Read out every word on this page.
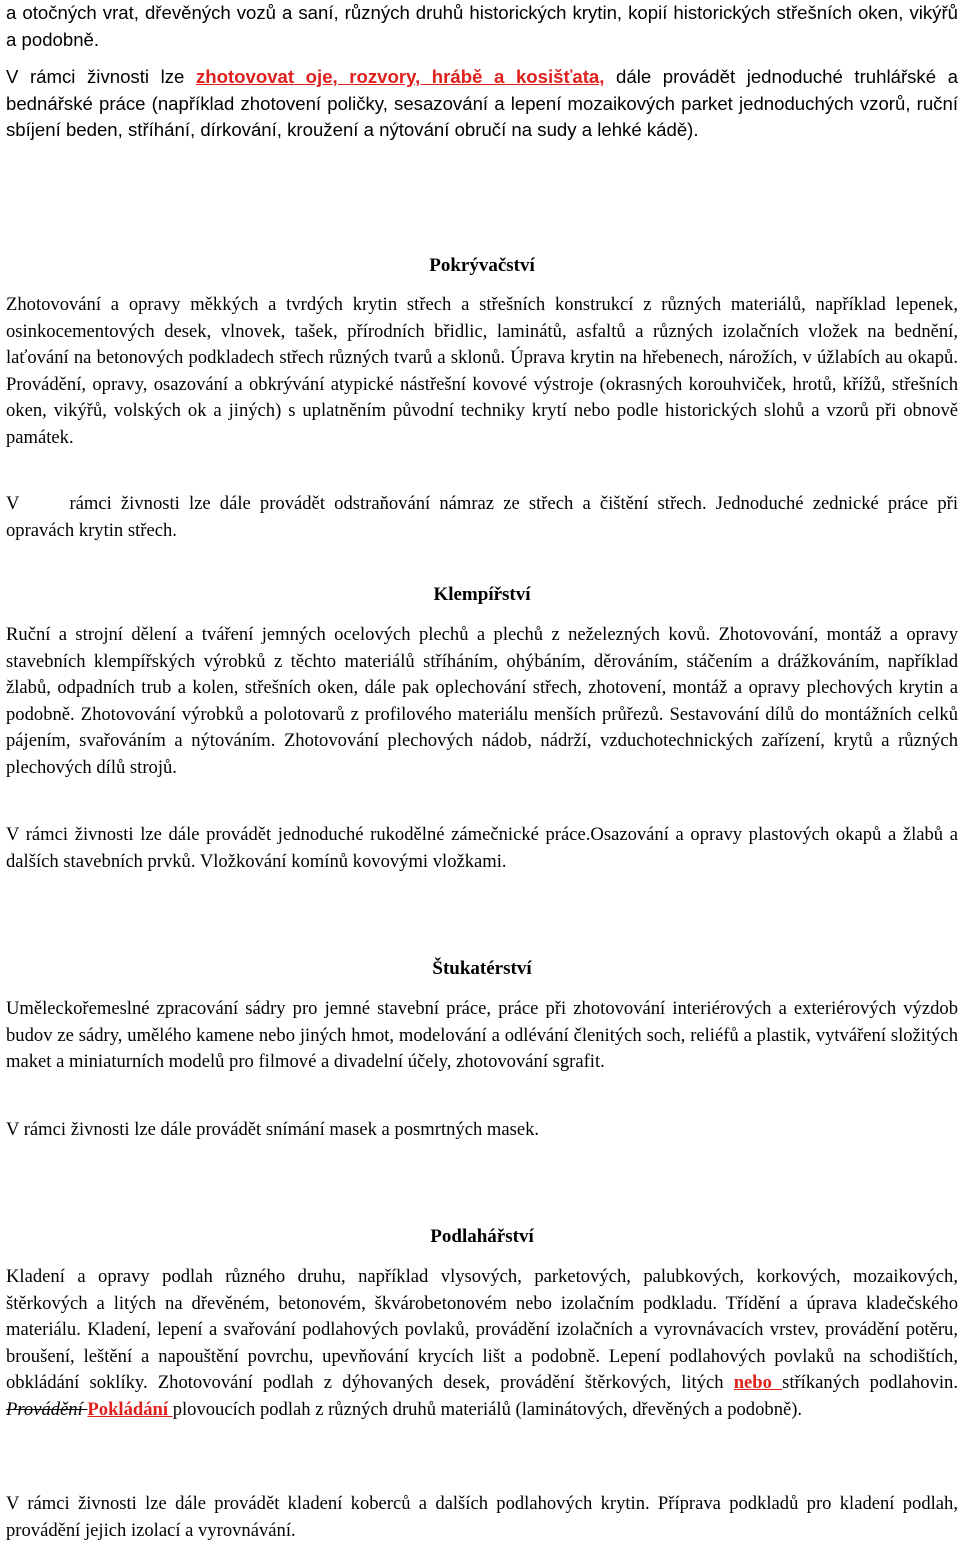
a otočných vrat, dřevěných vozů a saní, různých druhů historických krytin, kopií historických střešních oken, vikýřů a podobně.

V rámci živnosti lze zhotovovat oje, rozvory, hrábě a kosišťata, dále provádět jednoduché truhlářské a bednářské práce (například zhotovení poličky, sesazování a lepení mozaikových parket jednoduchých vzorů, ruční sbíjení beden, stříhání, dírkování, kroužení a nýtování obručí na sudy a lehké kádě).

Pokrývačství

Zhotovování a opravy měkkých a tvrdých krytin střech a střešních konstrukcí z různých materiálů, například lepenek, osinkocementových desek, vlnovek, tašek, přírodních břidlic, laminátů, asfaltů a různých izolačních vložek na bednění, laťování na betonových podkladech střech různých tvarů a sklonů. Úprava krytin na hřebenech, nárožích, v úžlabích au okapů. Provádění, opravy, osazování a obkrývání atypické nástřešní kovové výstroje (okrasných korouhviček, hrotů, křížů, střešních oken, vikýřů, volských ok a jiných) s uplatněním původní techniky krytí nebo podle historických slohů a vzorů při obnově památek.

V	rámci živnosti lze dále provádět odstraňování námraz ze střech a čištění střech. Jednoduché zednické práce při opravách krytin střech.

Klempířství

Ruční a strojní dělení a tváření jemných ocelových plechů a plechů z neželezných kovů. Zhotovování, montáž a opravy stavebních klempířských výrobků z těchto materiálů stříháním, ohýbáním, děrováním, stáčením a drážkováním, například žlabů, odpadních trub a kolen, střešních oken, dále pak oplechování střech, zhotovení, montáž a opravy plechových krytin a podobně. Zhotovování výrobků a polotovarů z profilového materiálu menších průřezů. Sestavování dílů do montážních celků pájením, svařováním a nýtováním. Zhotovování plechových nádob, nádrží, vzduchotechnických zařízení, krytů a různých plechových dílů strojů.

V rámci živnosti lze dále provádět jednoduché rukodělné zámečnické práce.Osazování a opravy plastových okapů a žlabů a dalších stavebních prvků. Vložkování komínů kovovými vložkami.

Štukatérství

Uměleckořemeslné zpracování sádry pro jemné stavební práce, práce při zhotovování interiérových a exteriérových výzdob budov ze sádry, umělého kamene nebo jiných hmot, modelování a odlévání členitých soch, reliéfů a plastik, vytváření složitých maket a miniaturních modelů pro filmové a divadelní účely, zhotovování sgrafit.

V rámci živnosti lze dále provádět snímání masek a posmrtných masek.

Podlahářství

Kladení a opravy podlah různého druhu, například vlysových, parketových, palubkových, korkových, mozaikových, štěrkových a litých na dřevěném, betonovém, škvárobetonovém nebo izolačním podkladu. Třídění a úprava kladečského materiálu. Kladení, lepení a svařování podlahových povlaků, provádění izolačních a vyrovnávacích vrstev, provádění potěru, broušení, leštění a napouštění povrchu, upevňování krycích lišt a podobně. Lepení podlahových povlaků na schodištích, obkládání soklíky. Zhotovování podlah z dýhovaných desek, provádění štěrkových, litých nebo stříkaných podlahovin. Provádění Pokládání plovoucích podlah z různých druhů materiálů (laminátových, dřevěných a podobně).

V rámci živnosti lze dále provádět kladení koberců a dalších podlahových krytin. Příprava podkladů pro kladení podlah, provádění jejich izolací a vyrovnávání.
